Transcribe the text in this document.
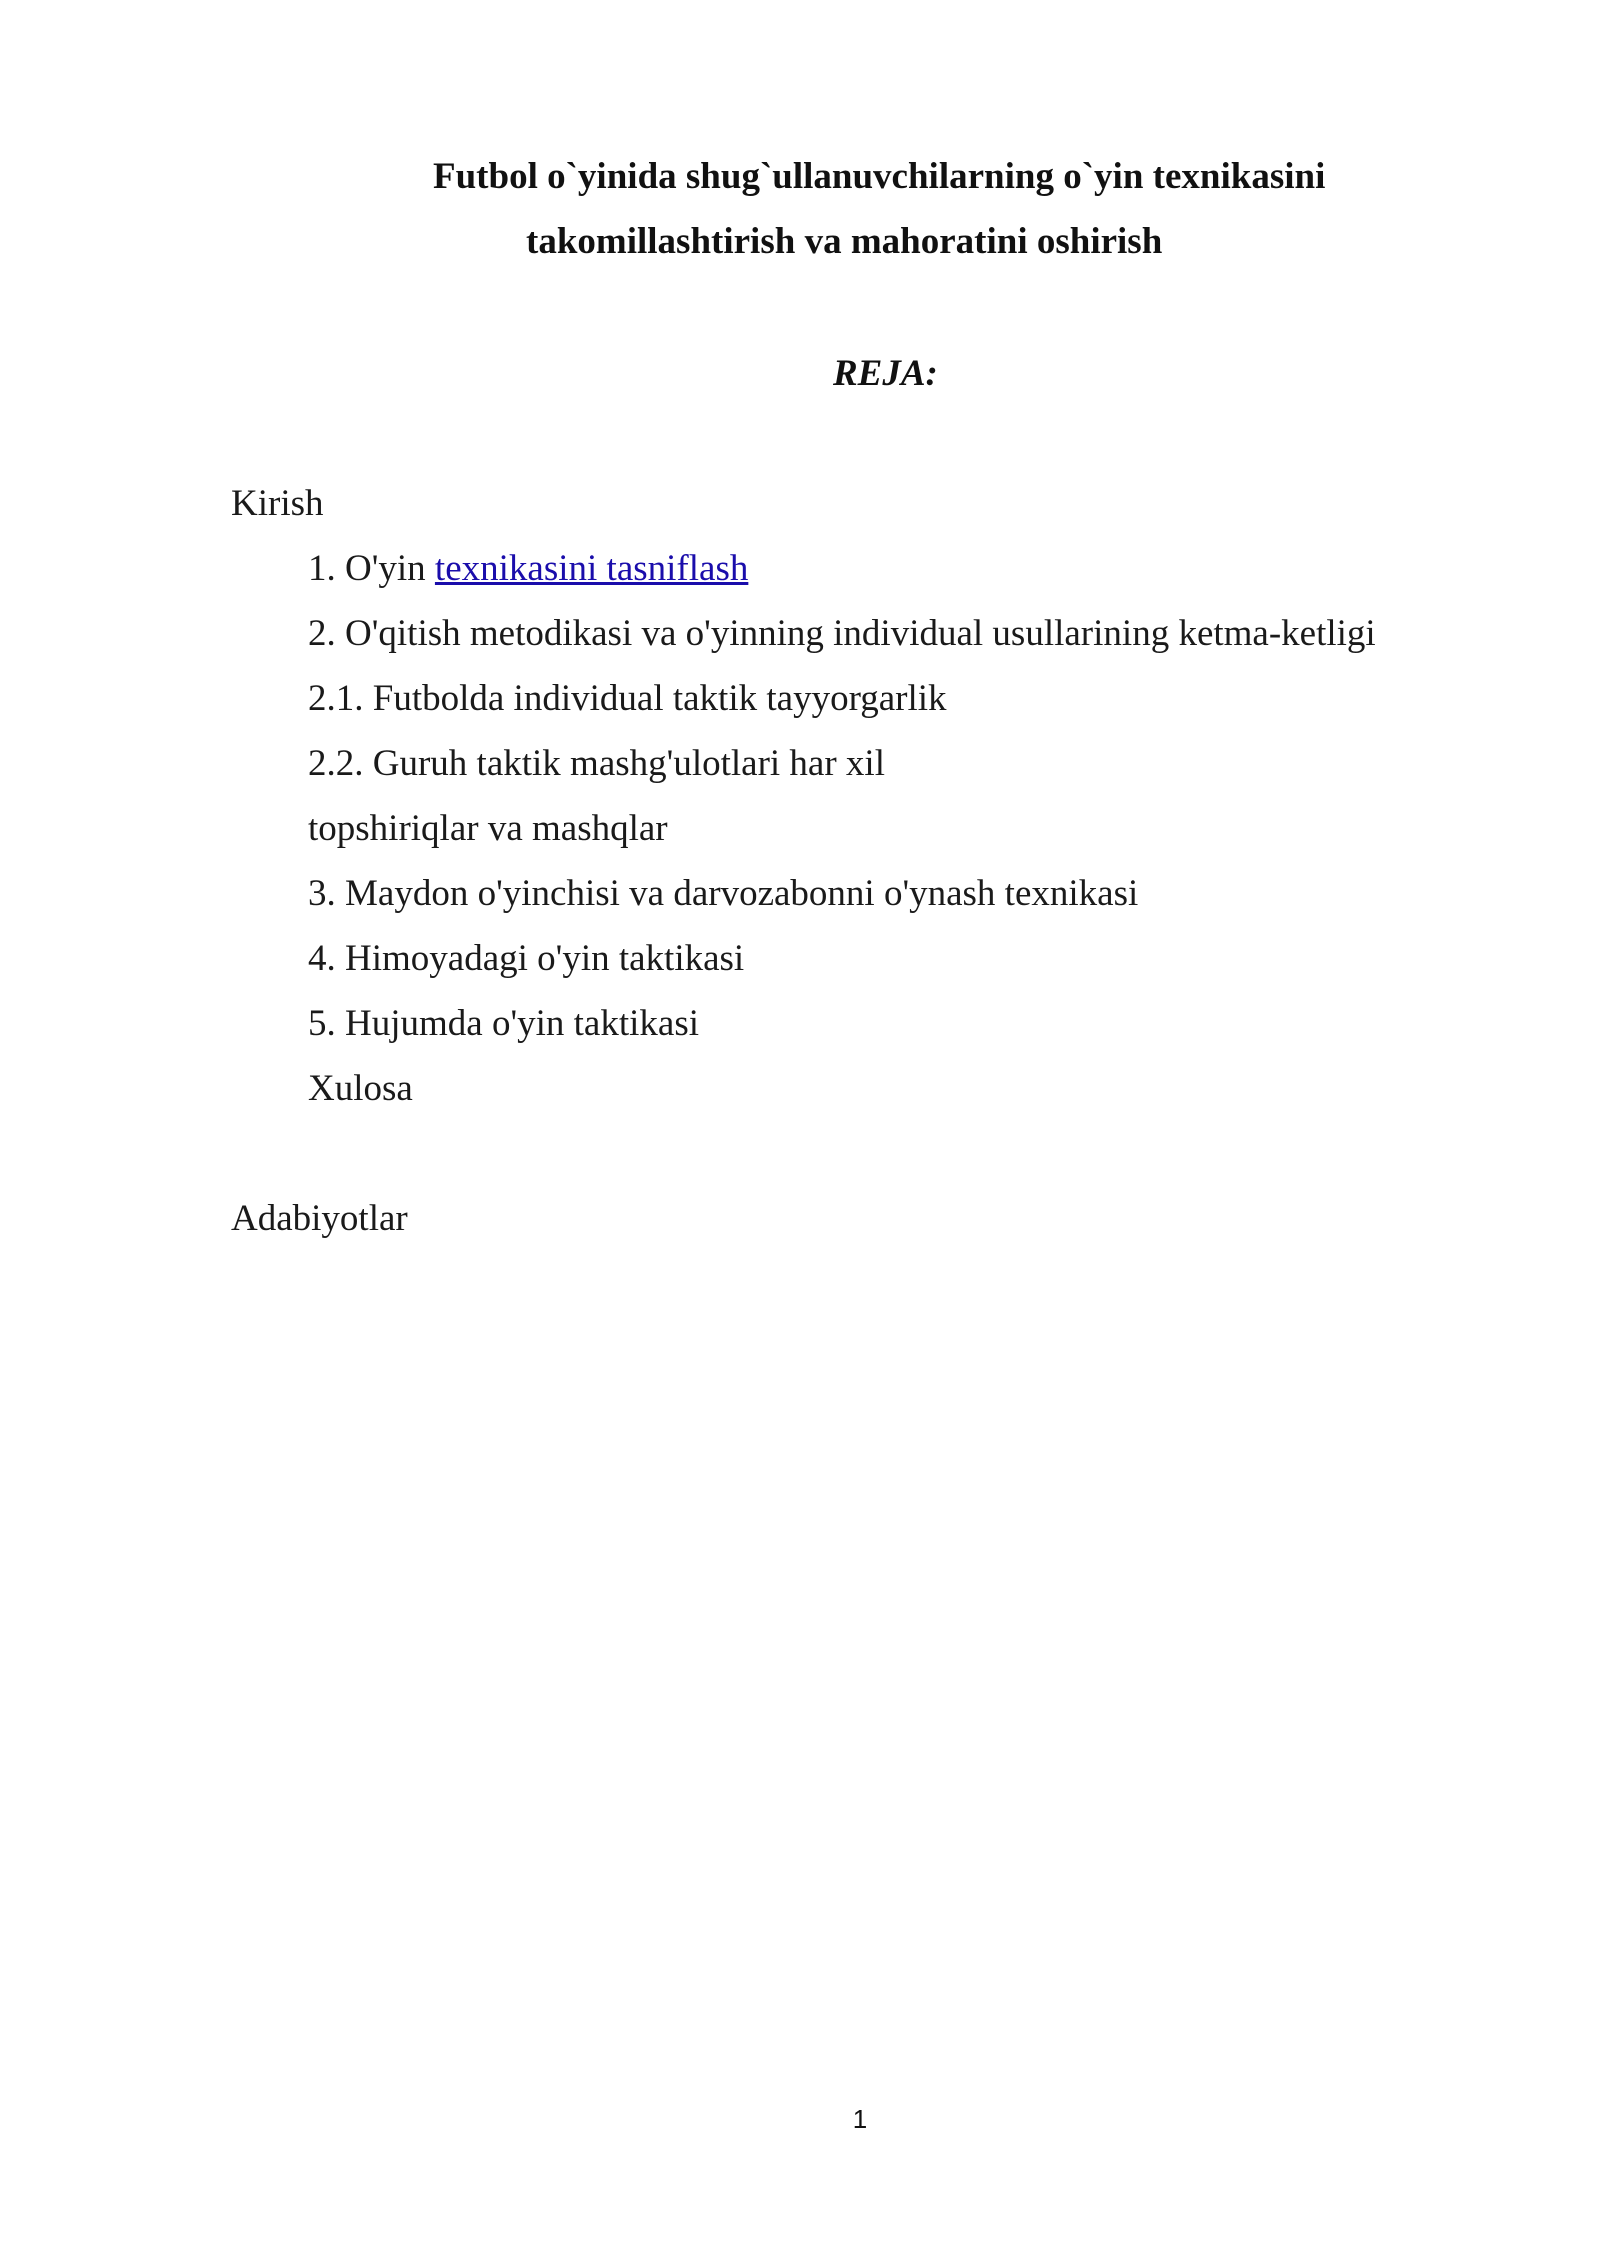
Futbol o`yinida shug`ullanuvchilarning o`yin texnikasini
takomillashtirish va mahoratini oshirish
REJA:
Kirish
1. O'yin texnikasini tasniflash
2. O'qitish metodikasi va o'yinning individual usullarining ketma-ketligi
2.1. Futbolda individual taktik tayyorgarlik
2.2. Guruh taktik mashg'ulotlari har xil
topshiriqlar va mashqlar
3. Maydon o'yinchisi va darvozabonni o'ynash texnikasi
4. Himoyadagi o'yin taktikasi
5. Hujumda o'yin taktikasi
Xulosa
Adabiyotlar
1
